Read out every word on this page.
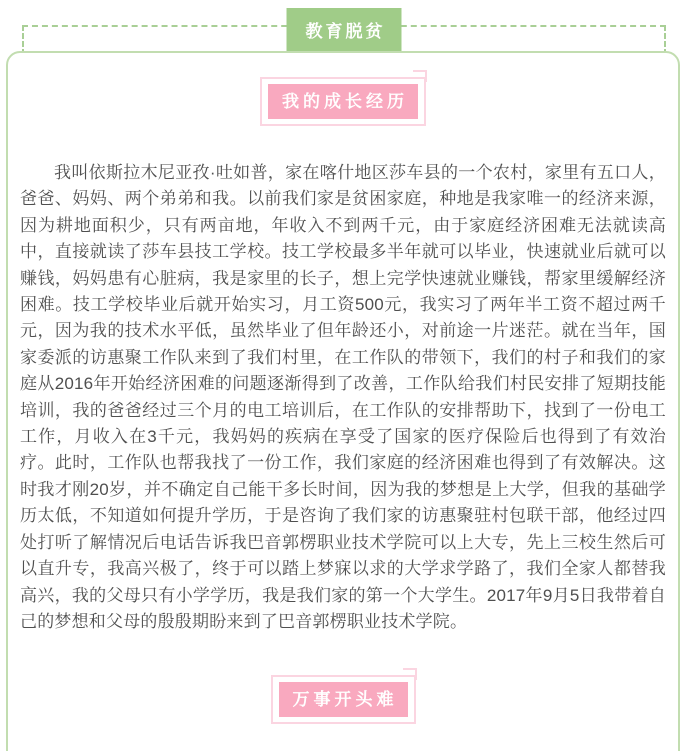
教育脱贫
我的成长经历

我叫依斯拉木尼亚孜·吐如普，家在喀什地区莎车县的一个农村，家里有五口人，爸爸、妈妈、两个弟弟和我。以前我们家是贫困家庭，种地是我家唯一的经济来源，因为耕地面积少，只有两亩地，年收入不到两千元，由于家庭经济困难无法就读高中，直接就读了莎车县技工学校。技工学校最多半年就可以毕业，快速就业后就可以赚钱，妈妈患有心脏病，我是家里的长子，想上完学快速就业赚钱，帮家里缓解经济困难。技工学校毕业后就开始实习，月工资500元，我实习了两年半工资不超过两千元，因为我的技术水平低，虽然毕业了但年龄还小，对前途一片迷茫。就在当年，国家委派的访惠聚工作队来到了我们村里，在工作队的带领下，我们的村子和我们的家庭从2016年开始经济困难的问题逐渐得到了改善，工作队给我们村民安排了短期技能培训，我的爸爸经过三个月的电工培训后，在工作队的安排帮助下，找到了一份电工工作，月收入在3千元，我妈妈的疾病在享受了国家的医疗保险后也得到了有效治疗。此时，工作队也帮我找了一份工作，我们家庭的经济困难也得到了有效解决。这时我才刚20岁，并不确定自己能干多长时间，因为我的梦想是上大学，但我的基础学历太低，不知道如何提升学历，于是咨询了我们家的访惠聚驻村包联干部，他经过四处打听了解情况后电话告诉我巴音郭楞职业技术学院可以上大专，先上三校生然后可以直升专，我高兴极了，终于可以踏上梦寐以求的大学求学路了，我们全家人都替我高兴，我的父母只有小学学历，我是我们家的第一个大学生。2017年9月5日我带着自己的梦想和父母的殷殷期盼来到了巴音郭楞职业技术学院。

万事开头难
